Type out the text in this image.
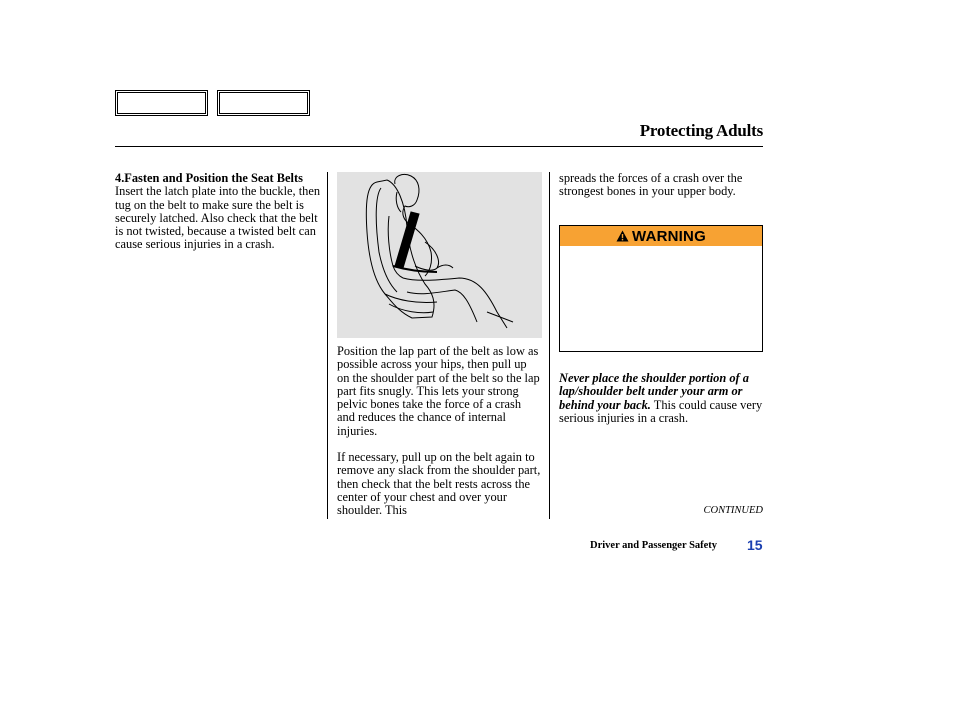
Protecting Adults

4.Fasten and Position the Seat Belts

Insert the latch plate into the buckle, then tug on the belt to make sure the belt is securely latched. Also check that the belt is not twisted, because a twisted belt can cause serious injuries in a crash.

Position the lap part of the belt as low as possible across your hips, then pull up on the shoulder part of the belt so the lap part fits snugly. This lets your strong pelvic bones take the force of a crash and reduces the chance of internal injuries.

If necessary, pull up on the belt again to remove any slack from the shoulder part, then check that the belt rests across the center of your chest and over your shoulder. This

spreads the forces of a crash over the strongest bones in your upper body.

WARNING

Never place the shoulder portion of a lap/shoulder belt under your arm or behind your back. This could cause very serious injuries in a crash.

CONTINUED
Driver and Passenger Safety 15
